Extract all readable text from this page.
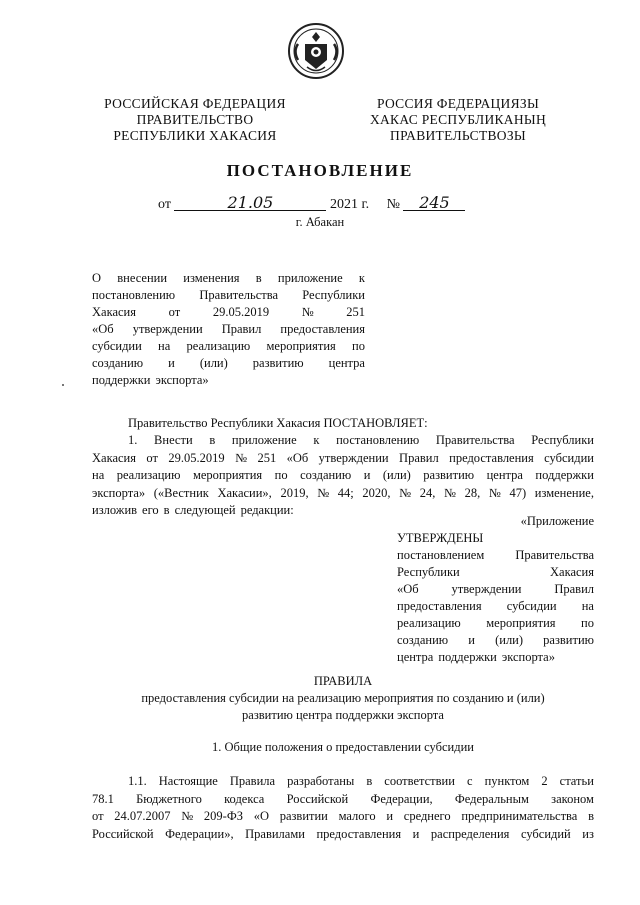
РОССИЙСКАЯ ФЕДЕРАЦИЯ
ПРАВИТЕЛЬСТВО
РЕСПУБЛИКИ ХАКАСИЯ
РОССИЯ ФЕДЕРАЦИЯЗЫ
ХАКАС РЕСПУБЛИКАНЫҢ
ПРАВИТЕЛЬСТВОЗЫ
ПОСТАНОВЛЕНИЕ
от	21.05	2021 г. № 245
г. Абакан
О внесении изменения в приложение к
постановлению Правительства Республики
Хакасия	от	29.05.2019	№	251
«Об утверждении Правил предоставления
субсидии на реализацию мероприятия по
созданию и (или) развитию центра
поддержки экспорта»
Правительство Республики Хакасия ПОСТАНОВЛЯЕТ:
1. Внести в приложение к постановлению Правительства Республики
Хакасия от 29.05.2019 № 251 «Об утверждении Правил предоставления субсидии
на реализацию мероприятия по созданию и (или) развитию центра поддержки
экспорта» («Вестник Хакасии», 2019, № 44; 2020, № 24, № 28, № 47) изменение,
изложив его в следующей редакции:
«Приложение
УТВЕРЖДЕНЫ
постановлением Правительства
Республики	Хакасия
«Об	утверждении	Правил
предоставления субсидии на
реализацию мероприятия по
созданию и (или) развитию
центра поддержки экспорта»
ПРАВИЛА
предоставления субсидии на реализацию мероприятия по созданию и (или)
развитию центра поддержки экспорта
1. Общие положения о предоставлении субсидии
1.1. Настоящие Правила разработаны в соответствии с пунктом 2 статьи
78.1 Бюджетного кодекса Российской Федерации, Федеральным законом
от 24.07.2007 № 209-ФЗ «О развитии малого и среднего предпринимательства в
Российской Федерации», Правилами предоставления и распределения субсидий из
